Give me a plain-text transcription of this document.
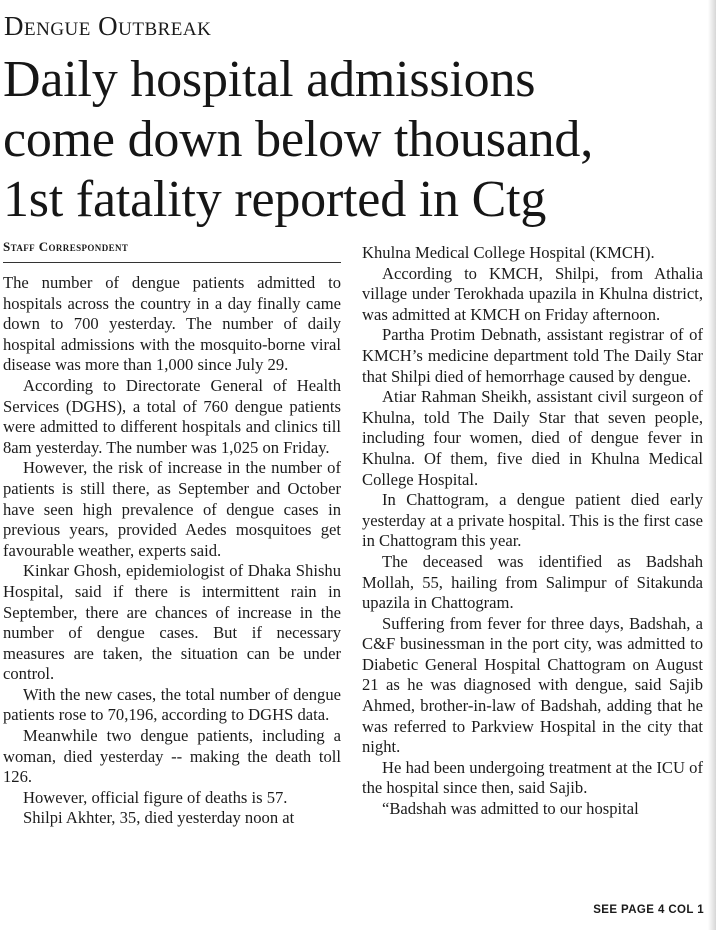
Dengue Outbreak
Daily hospital admissions
come down below thousand,
1st fatality reported in Ctg
Staff Correspondent

The number of dengue patients admitted to hospitals across the country in a day finally came down to 700 yesterday. The number of daily hospital admissions with the mosquito-borne viral disease was more than 1,000 since July 29.

According to Directorate General of Health Services (DGHS), a total of 760 dengue patients were admitted to different hospitals and clinics till 8am yesterday. The number was 1,025 on Friday.

However, the risk of increase in the number of patients is still there, as September and October have seen high prevalence of dengue cases in previous years, provided Aedes mosquitoes get favourable weather, experts said.

Kinkar Ghosh, epidemiologist of Dhaka Shishu Hospital, said if there is intermittent rain in September, there are chances of increase in the number of dengue cases. But if necessary measures are taken, the situation can be under control.

With the new cases, the total number of dengue patients rose to 70,196, according to DGHS data.

Meanwhile two dengue patients, including a woman, died yesterday -- making the death toll 126.

However, official figure of deaths is 57.

Shilpi Akhter, 35, died yesterday noon at

Khulna Medical College Hospital (KMCH).

According to KMCH, Shilpi, from Athalia village under Terokhada upazila in Khulna district, was admitted at KMCH on Friday afternoon.

Partha Protim Debnath, assistant registrar of of KMCH’s medicine department told The Daily Star that Shilpi died of hemorrhage caused by dengue.

Atiar Rahman Sheikh, assistant civil surgeon of Khulna, told The Daily Star that seven people, including four women, died of dengue fever in Khulna. Of them, five died in Khulna Medical College Hospital.

In Chattogram, a dengue patient died early yesterday at a private hospital. This is the first case in Chattogram this year.

The deceased was identified as Badshah Mollah, 55, hailing from Salimpur of Sitakunda upazila in Chattogram.

Suffering from fever for three days, Badshah, a C&F businessman in the port city, was admitted to Diabetic General Hospital Chattogram on August 21 as he was diagnosed with dengue, said Sajib Ahmed, brother-in-law of Badshah, adding that he was referred to Parkview Hospital in the city that night.

He had been undergoing treatment at the ICU of the hospital since then, said Sajib.

“Badshah was admitted to our hospital

SEE PAGE 4 COL 1
